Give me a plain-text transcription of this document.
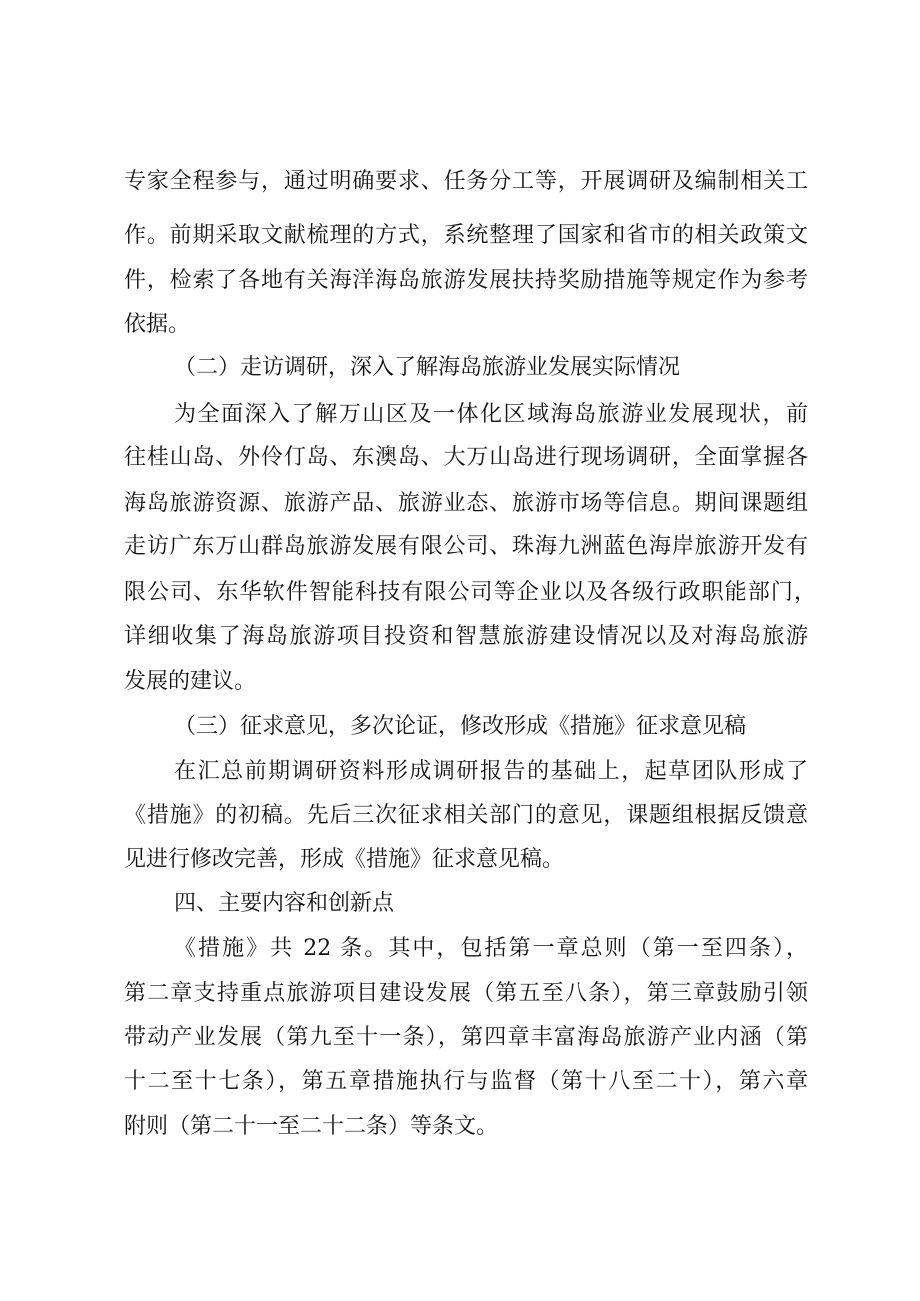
专家全程参与，通过明确要求、任务分工等，开展调研及编制相关工
作。前期采取文献梳理的方式，系统整理了国家和省市的相关政策文
件，检索了各地有关海洋海岛旅游发展扶持奖励措施等规定作为参考
依据。
（二）走访调研，深入了解海岛旅游业发展实际情况
为全面深入了解万山区及一体化区域海岛旅游业发展现状，前
往桂山岛、外伶仃岛、东澳岛、大万山岛进行现场调研，全面掌握各
海岛旅游资源、旅游产品、旅游业态、旅游市场等信息。期间课题组
走访广东万山群岛旅游发展有限公司、珠海九洲蓝色海岸旅游开发有
限公司、东华软件智能科技有限公司等企业以及各级行政职能部门，
详细收集了海岛旅游项目投资和智慧旅游建设情况以及对海岛旅游
发展的建议。
（三）征求意见，多次论证，修改形成《措施》征求意见稿
在汇总前期调研资料形成调研报告的基础上，起草团队形成了
《措施》的初稿。先后三次征求相关部门的意见，课题组根据反馈意
见进行修改完善，形成《措施》征求意见稿。
四、主要内容和创新点
《措施》共 22 条。其中，包括第一章总则（第一至四条），
第二章支持重点旅游项目建设发展（第五至八条），第三章鼓励引领
带动产业发展（第九至十一条），第四章丰富海岛旅游产业内涵（第
十二至十七条），第五章措施执行与监督（第十八至二十），第六章
附则（第二十一至二十二条）等条文。
